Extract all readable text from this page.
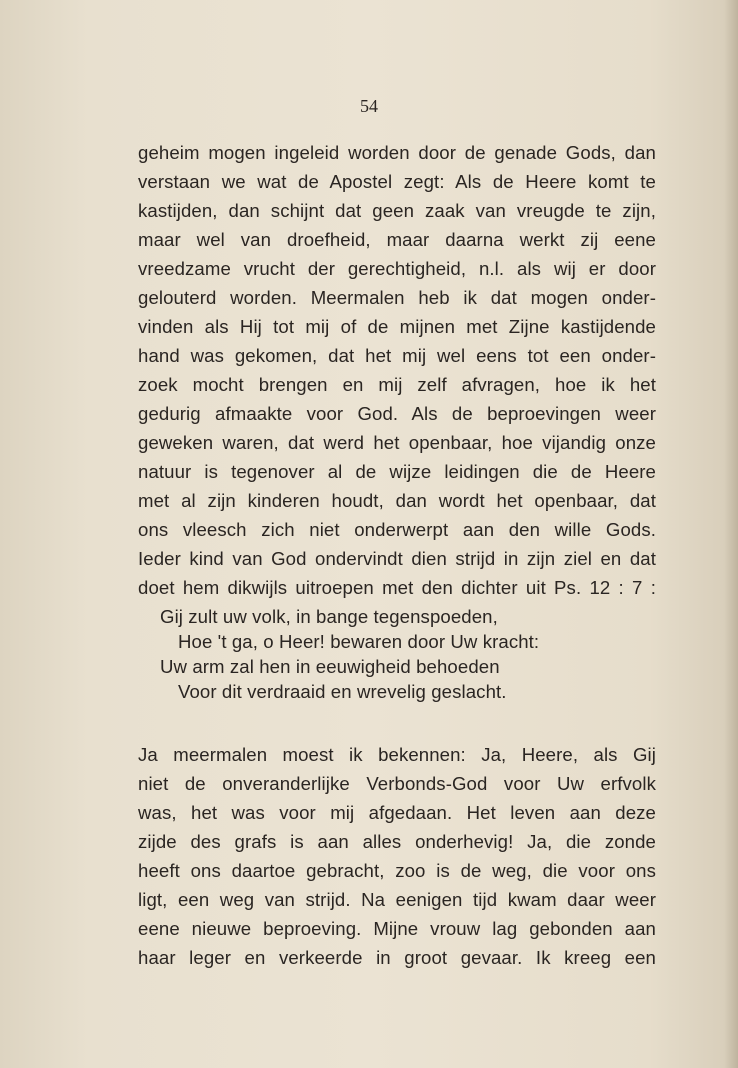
54
geheim mogen ingeleid worden door de genade Gods, dan
verstaan we wat de Apostel zegt: Als de Heere komt te
kastijden, dan schijnt dat geen zaak van vreugde te zijn,
maar wel van droefheid, maar daarna werkt zij eene
vreedzame vrucht der gerechtigheid, n.l. als wij er door
gelouterd worden. Meermalen heb ik dat mogen onder-
vinden als Hij tot mij of de mijnen met Zijne kastijdende
hand was gekomen, dat het mij wel eens tot een onder-
zoek mocht brengen en mij zelf afvragen, hoe ik het
gedurig afmaakte voor God. Als de beproevingen weer
geweken waren, dat werd het openbaar, hoe vijandig onze
natuur is tegenover al de wijze leidingen die de Heere
met al zijn kinderen houdt, dan wordt het openbaar, dat
ons vleesch zich niet onderwerpt aan den wille Gods.
Ieder kind van God ondervindt dien strijd in zijn ziel en dat
doet hem dikwijls uitroepen met den dichter uit Ps. 12 : 7 :
Gij zult uw volk, in bange tegenspoeden,
Hoe 't ga, o Heer! bewaren door Uw kracht:
Uw arm zal hen in eeuwigheid behoeden
Voor dit verdraaid en wrevelig geslacht.
Ja meermalen moest ik bekennen: Ja, Heere, als Gij
niet de onveranderlijke Verbonds-God voor Uw erfvolk
was, het was voor mij afgedaan. Het leven aan deze
zijde des grafs is aan alles onderhevig! Ja, die zonde
heeft ons daartoe gebracht, zoo is de weg, die voor ons
ligt, een weg van strijd. Na eenigen tijd kwam daar weer
eene nieuwe beproeving. Mijne vrouw lag gebonden aan
haar leger en verkeerde in groot gevaar. Ik kreeg een
